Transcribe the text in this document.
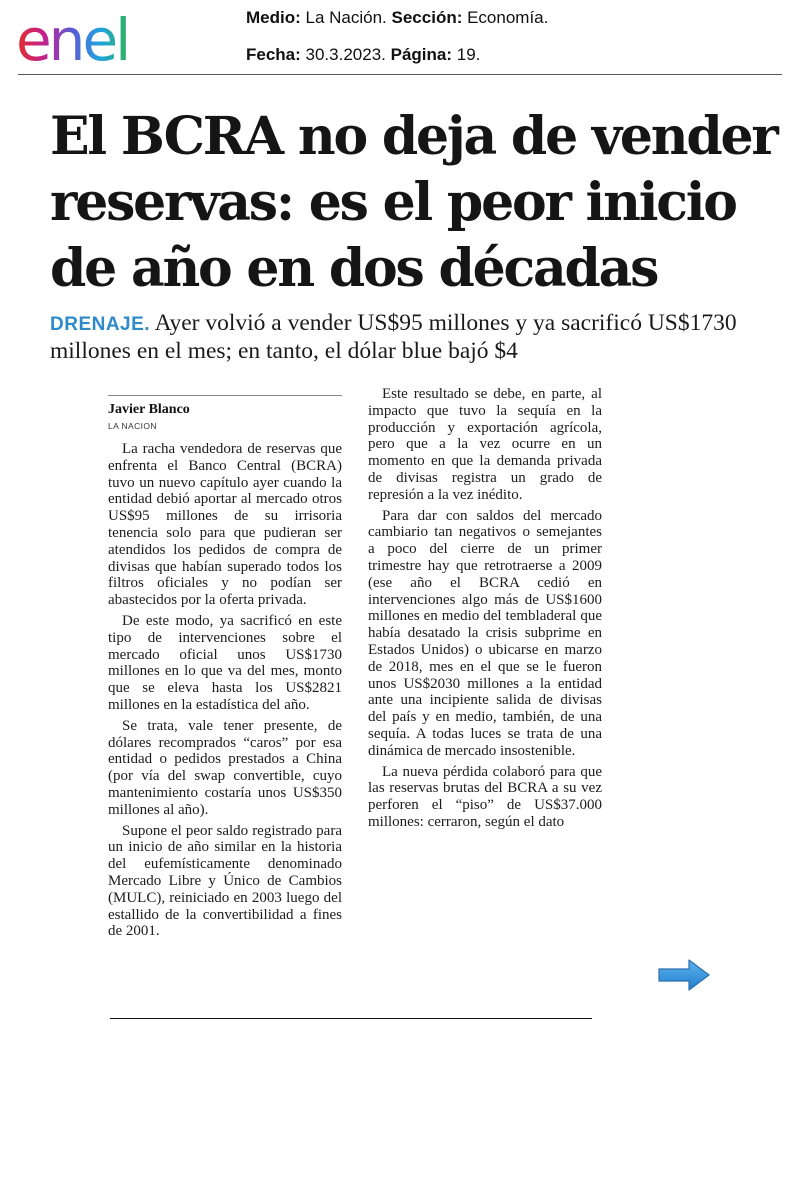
enel	Medio: La Nación. Sección: Economía.
Fecha: 30.3.2023. Página: 19.
El BCRA no deja de vender reservas: es el peor inicio de año en dos décadas

DRENAJE. Ayer volvió a vender US$95 millones y ya sacrificó US$1730 millones en el mes; en tanto, el dólar blue bajó $4

Javier Blanco
LA NACION

La racha vendedora de reservas que enfrenta el Banco Central (BCRA) tuvo un nuevo capítulo ayer cuando la entidad debió aportar al mercado otros US$95 millones de su irrisoria tenencia solo para que pudieran ser atendidos los pedidos de compra de divisas que habían superado todos los filtros oficiales y no podían ser abastecidos por la oferta privada.

De este modo, ya sacrificó en este tipo de intervenciones sobre el mercado oficial unos US$1730 millones en lo que va del mes, monto que se eleva hasta los US$2821 millones en la estadística del año.

Se trata, vale tener presente, de dólares recomprados “caros” por esa entidad o pedidos prestados a China (por vía del swap convertible, cuyo mantenimiento costaría unos US$350 millones al año).

Supone el peor saldo registrado para un inicio de año similar en la historia del eufemísticamente denominado Mercado Libre y Único de Cambios (MULC), reiniciado en 2003 luego del estallido de la convertibilidad a fines de 2001.

Este resultado se debe, en parte, al impacto que tuvo la sequía en la producción y exportación agrícola, pero que a la vez ocurre en un momento en que la demanda privada de divisas registra un grado de represión a la vez inédito.

Para dar con saldos del mercado cambiario tan negativos o semejantes a poco del cierre de un primer trimestre hay que retrotraerse a 2009 (ese año el BCRA cedió en intervenciones algo más de US$1600 millones en medio del tembladeral que había desatado la crisis subprime en Estados Unidos) o ubicarse en marzo de 2018, mes en el que se le fueron unos US$2030 millones a la entidad ante una incipiente salida de divisas del país y en medio, también, de una sequía. A todas luces se trata de una dinámica de mercado insostenible.

La nueva pérdida colaboró para que las reservas brutas del BCRA a su vez perforen el “piso” de US$37.000 millones: cerraron, según el dato
